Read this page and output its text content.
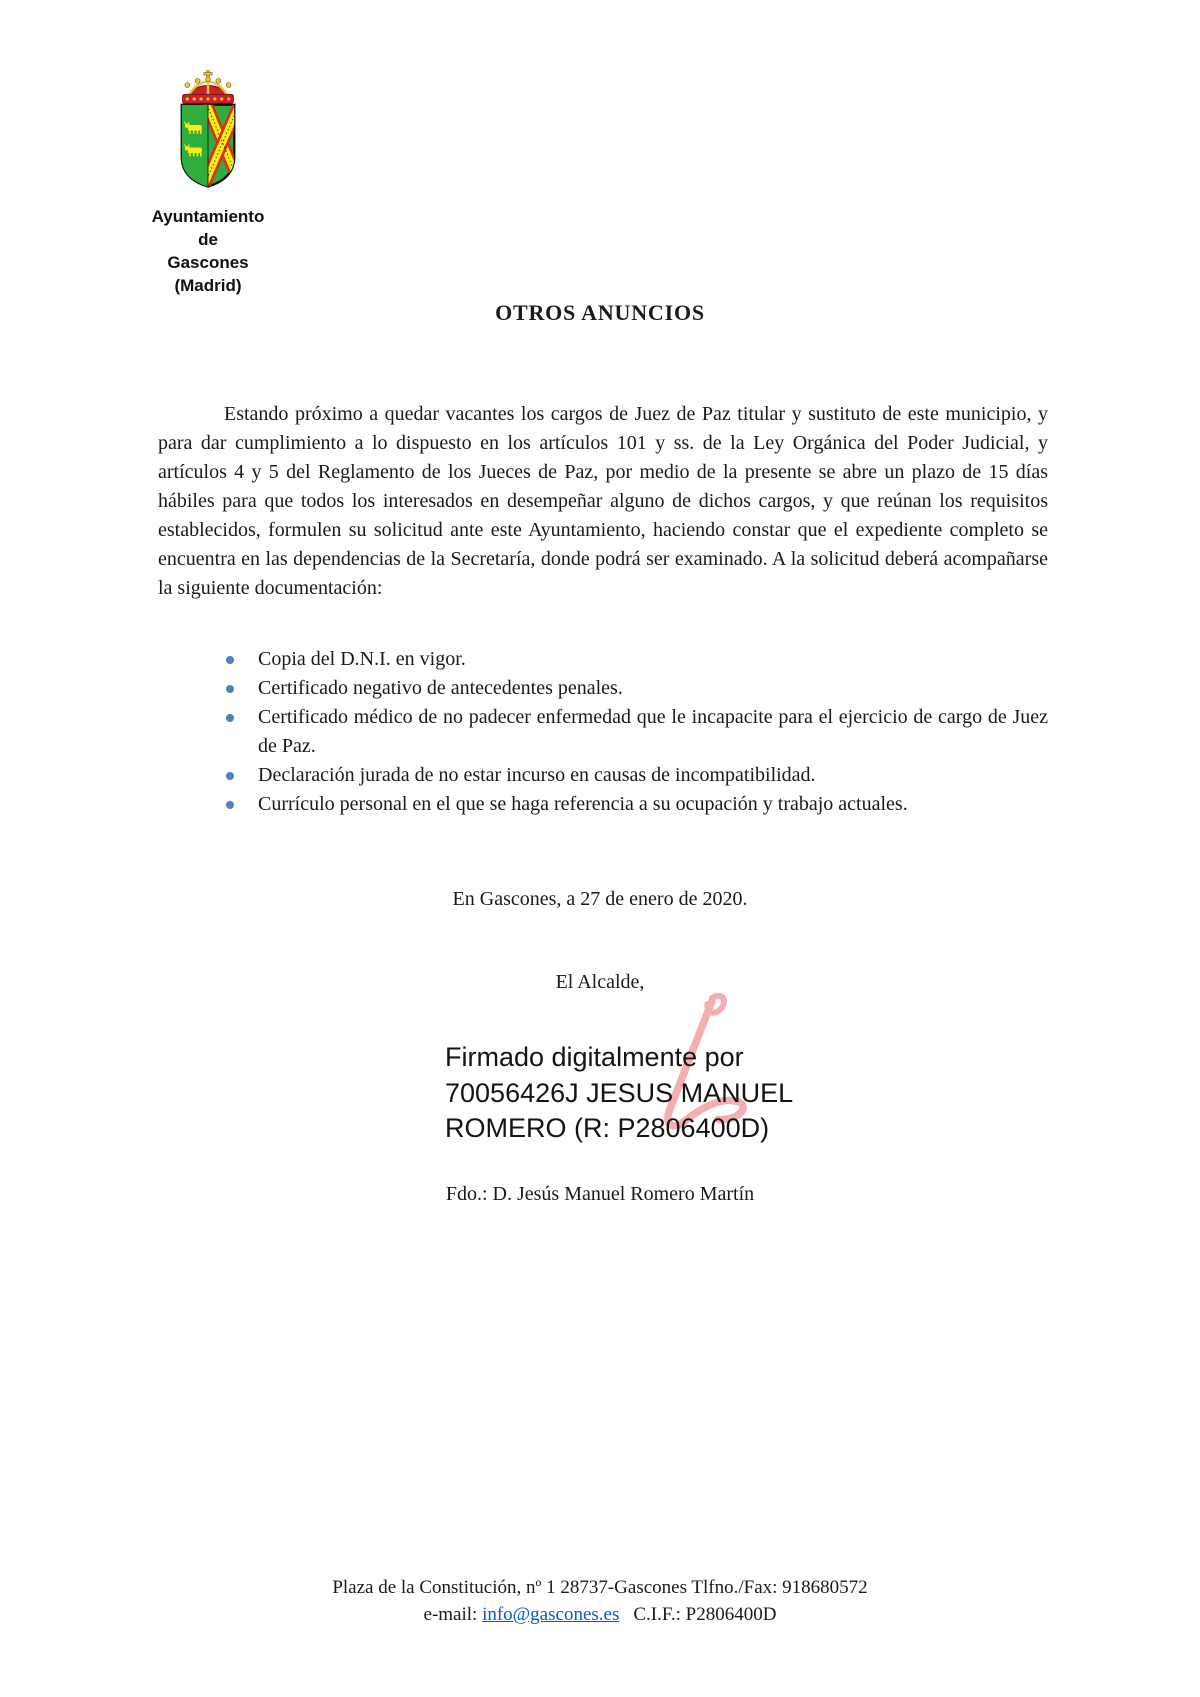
Ayuntamiento
de
Gascones
(Madrid)
OTROS ANUNCIOS

Estando próximo a quedar vacantes los cargos de Juez de Paz titular y sustituto de este municipio, y para dar cumplimiento a lo dispuesto en los artículos 101 y ss. de la Ley Orgánica del Poder Judicial, y artículos 4 y 5 del Reglamento de los Jueces de Paz, por medio de la presente se abre un plazo de 15 días hábiles para que todos los interesados en desempeñar alguno de dichos cargos, y que reúnan los requisitos establecidos, formulen su solicitud ante este Ayuntamiento, haciendo constar que el expediente completo se encuentra en las dependencias de la Secretaría, donde podrá ser examinado. A la solicitud deberá acompañarse la siguiente documentación:

Copia del D.N.I. en vigor.
Certificado negativo de antecedentes penales.
Certificado médico de no padecer enfermedad que le incapacite para el ejercicio de cargo de Juez de Paz.
Declaración jurada de no estar incurso en causas de incompatibilidad.
Currículo personal en el que se haga referencia a su ocupación y trabajo actuales.
En Gascones, a 27 de enero de 2020.
El Alcalde,
Firmado digitalmente por
70056426J JESUS MANUEL
ROMERO (R: P2806400D)
Fdo.: D. Jesús Manuel Romero Martín
Plaza de la Constitución, nº 1 28737-Gascones Tlfno./Fax: 918680572
e-mail: info@gascones.es C.I.F.: P2806400D
